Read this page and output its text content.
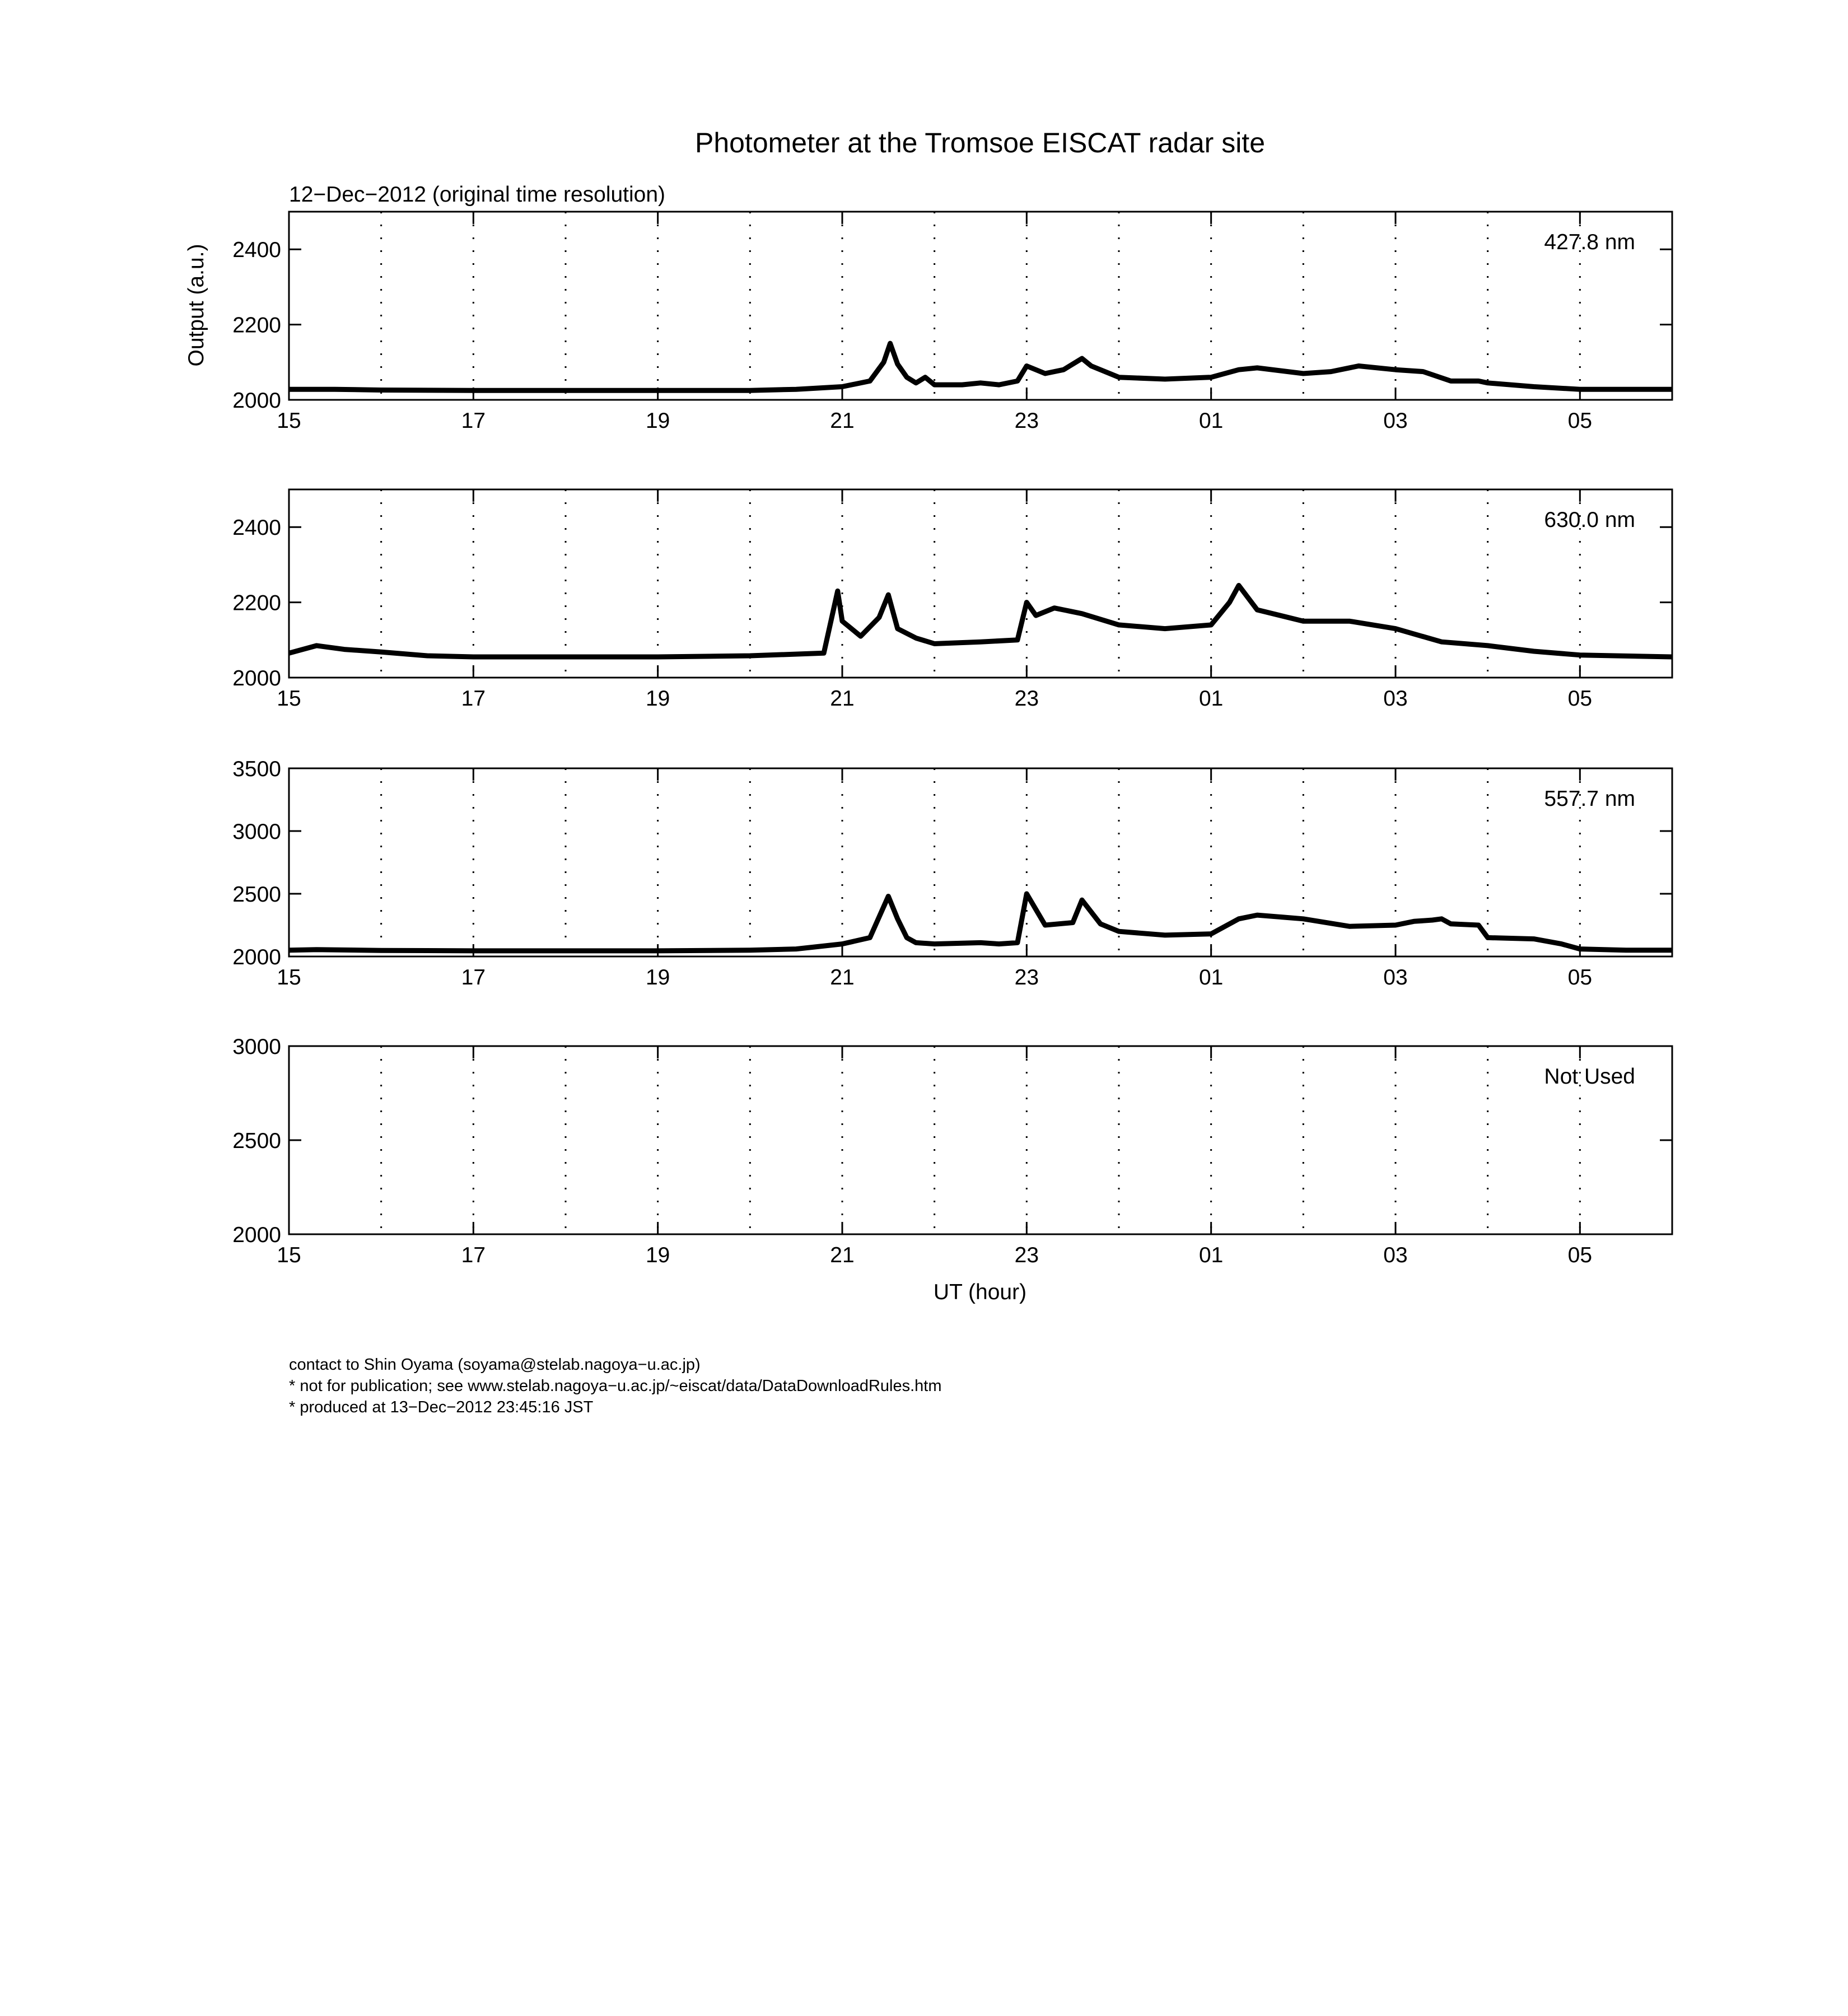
Photometer at the Tromsoe EISCAT radar site
12−Dec−2012 (original time resolution)
Output (a.u.)
UT (hour)
2000
2200
2400
15	17	19	21	23	01	03	05
427.8 nm
2000
2200
2400
15	17	19	21	23	01	03	05
630.0 nm
2000
2500
3000
3500
15	17	19	21	23	01	03	05
557.7 nm
2000
2500
3000
15	17	19	21	23	01	03	05
Not Used
contact to Shin Oyama (soyama@stelab.nagoya−u.ac.jp)
* not for publication; see www.stelab.nagoya−u.ac.jp/~eiscat/data/DataDownloadRules.htm
* produced at 13−Dec−2012 23:45:16 JST
